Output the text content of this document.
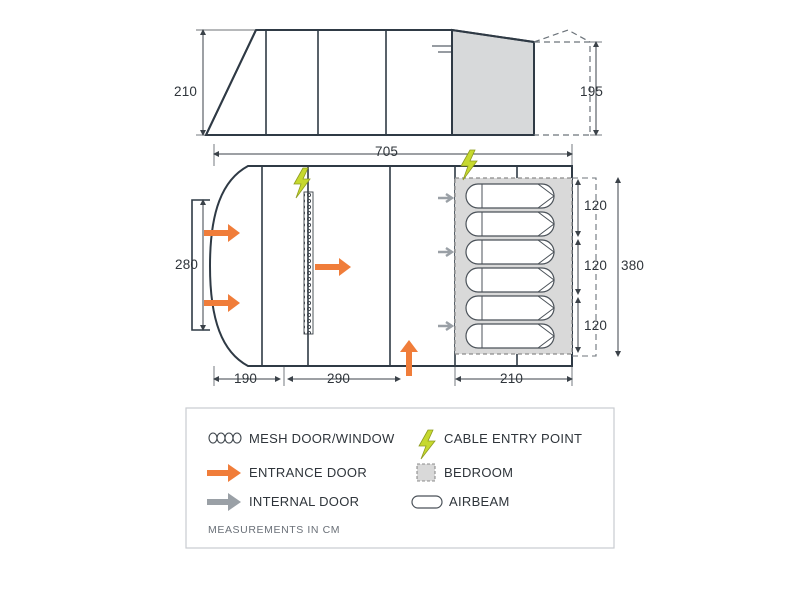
210	195
705
280
120
120
120
380
190	290	210
MESH DOOR/WINDOW	CABLE ENTRY POINT
ENTRANCE DOOR	BEDROOM
INTERNAL DOOR	AIRBEAM
MEASUREMENTS IN CM
